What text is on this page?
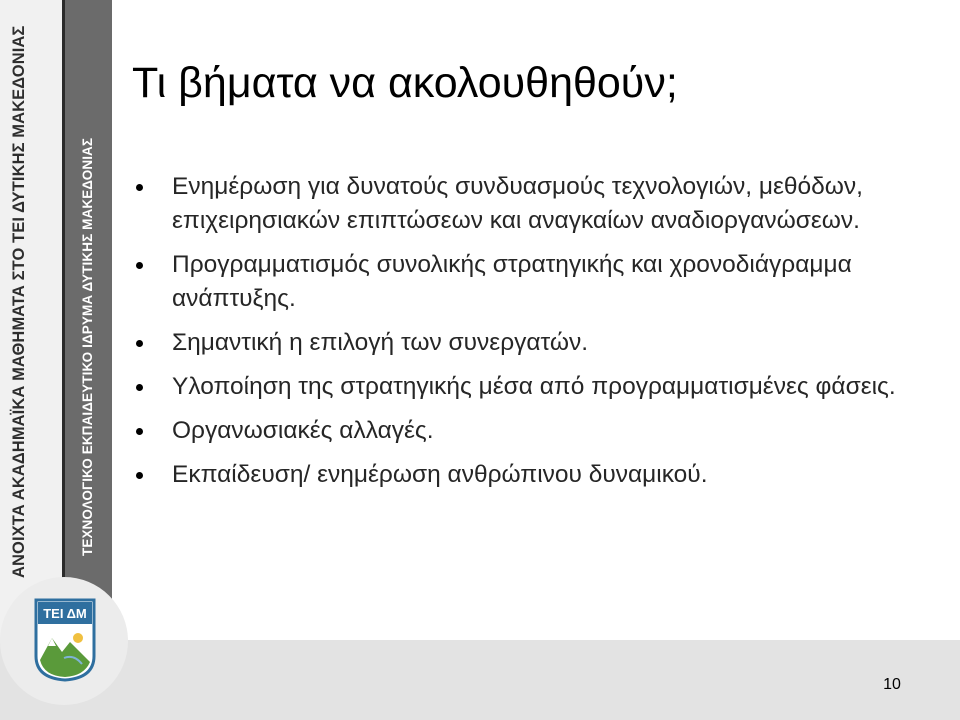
ΑΝΟΙΧΤΑ ΑΚΑΔΗΜΑΪΚΑ ΜΑΘΗΜΑΤΑ ΣΤΟ ΤΕΙ ΔΥΤΙΚΗΣ ΜΑΚΕΔΟΝΙΑΣ	ΤΕΧΝΟΛΟΓΙΚΟ ΕΚΠΑΙΔΕΥΤΙΚΟ ΙΔΡΥΜΑ ΔΥΤΙΚΗΣ ΜΑΚΕΔΟΝΙΑΣ
ΤΕΙ ΔΜ
Τι βήματα να ακολουθηθούν;
Ενημέρωση για δυνατούς συνδυασμούς τεχνολογιών, μεθόδων, επιχειρησιακών επιπτώσεων και αναγκαίων αναδιοργανώσεων.
Προγραμματισμός συνολικής στρατηγικής και χρονοδιάγραμμα ανάπτυξης.
Σημαντική η επιλογή των συνεργατών.
Υλοποίηση της στρατηγικής μέσα από προγραμματισμένες φάσεις.
Οργανωσιακές αλλαγές.
Εκπαίδευση/ ενημέρωση ανθρώπινου δυναμικού.
10
